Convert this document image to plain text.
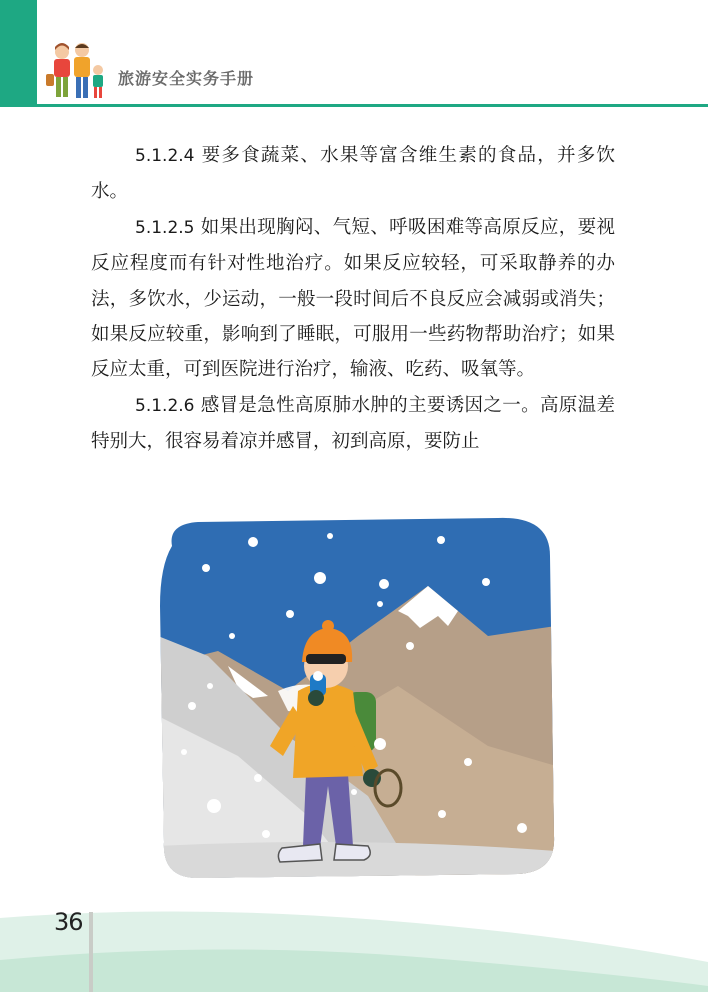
旅游安全实务手册

5.1.2.4 要多食蔬菜、水果等富含维生素的食品，并多饮水。

5.1.2.5 如果出现胸闷、气短、呼吸困难等高原反应，要视反应程度而有针对性地治疗。如果反应较轻，可采取静养的办法，多饮水，少运动，一般一段时间后不良反应会减弱或消失；如果反应较重，影响到了睡眠，可服用一些药物帮助治疗；如果反应太重，可到医院进行治疗，输液、吃药、吸氧等。

5.1.2.6 感冒是急性高原肺水肿的主要诱因之一。高原温差特别大，很容易着凉并感冒，初到高原，要防止

36
